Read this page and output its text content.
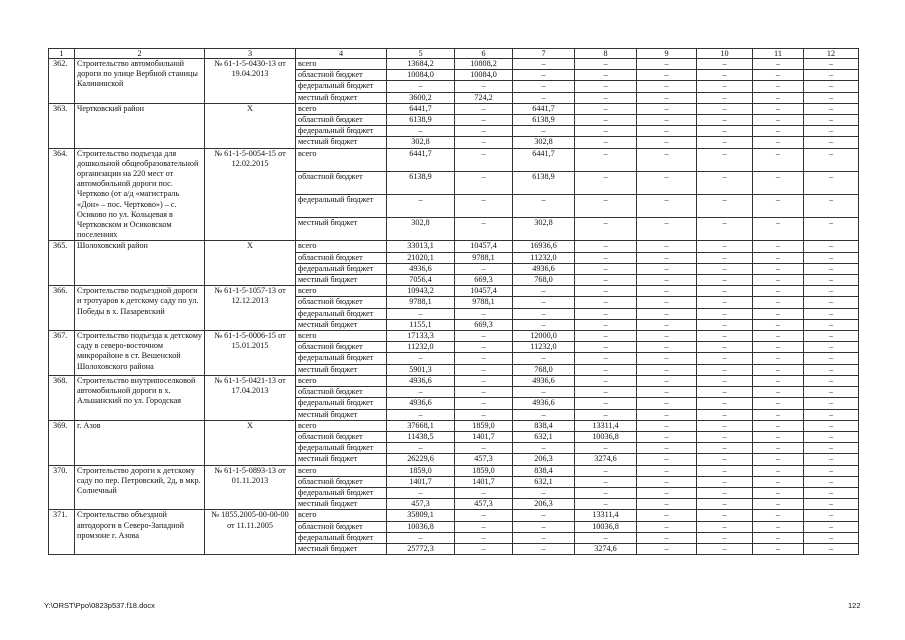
1	2	3	4	5	6	7	8	9	10	11	12
362.	Строительство автомобильной дороги по улице Вербной станицы Калининской	№ 61-1-5-0430-13 от 19.04.2013	всего	13684,2	10808,2	–	–	–	–	–	–
			областной бюджет	10084,0	10084,0	–	–	–	–	–	–
			федеральный бюджет	–	–	–	–	–	–	–	–
			местный бюджет	3600,2	724,2	–	–	–	–	–	–
363.	Чертковский район	Х	всего	6441,7	–	6441,7	–	–	–	–	–
			областной бюджет	6138,9	–	6138,9	–	–	–	–	–
			федеральный бюджет	–	–	–	–	–	–	–	–
			местный бюджет	302,8	–	302,8	–	–	–	–	–
364.	Строительство подъезда для дошкольной общеобразовательной организации на 220 мест от автомобильной дороги пос. Чертково (от а/д «магистраль «Дон» – пос. Чертково») – с. Осиково по ул. Кольцевая в Чертковском и Осиковском поселениях	№ 61-1-5-0054-15 от 12.02.2015	всего	6441,7	–	6441,7	–	–	–	–	–
			областной бюджет	6138,9	–	6138,9	–	–	–	–	–
			федеральный бюджет	–	–	–	–	–	–	–	–
			местный бюджет	302,8	–	302,8	–	–	–	–	–
365.	Шолоховский район	Х	всего	33013,1	10457,4	16936,6	–	–	–	–	–
			областной бюджет	21020,1	9788,1	11232,0	–	–	–	–	–
			федеральный бюджет	4936,6	–	4936,6	–	–	–	–	–
			местный бюджет	7056,4	669,3	768,0	–	–	–	–	–
366.	Строительство подъездной дороги и тротуаров к детскому саду по ул. Победы в х. Пазаревский	№ 61-1-5-1057-13 от 12.12.2013	всего	10943,2	10457,4	–	–	–	–	–	–
			областной бюджет	9788,1	9788,1	–	–	–	–	–	–
			федеральный бюджет	–	–	–	–	–	–	–	–
			местный бюджет	1155,1	669,3	–	–	–	–	–	–
367.	Строительство подъезда к детскому саду в северо-восточном микрорайоне в ст. Вешенской Шолоховского района	№ 61-1-5-0006-15 от 15.01.2015	всего	17133,3	–	12000,0	–	–	–	–	–
			областной бюджет	11232,0	–	11232,0	–	–	–	–	–
			федеральный бюджет	–	–	–	–	–	–	–	–
			местный бюджет	5901,3	–	768,0	–	–	–	–	–
368.	Строительство внутрипоселковой автомобильной дороги в х. Альшанский по ул. Городская	№ 61-1-5-0421-13 от 17.04.2013	всего	4936,6	–	4936,6	–	–	–	–	–
			областной бюджет	–	–	–	–	–	–	–	–
			федеральный бюджет	4936,6	–	4936,6	–	–	–	–	–
			местный бюджет	–	–	–	–	–	–	–	–
369.	г. Азов	Х	всего	37668,1	1859,0	838,4	13311,4	–	–	–	–
			областной бюджет	11438,5	1401,7	632,1	10036,8	–	–	–	–
			федеральный бюджет	–	–	–	–	–	–	–	–
			местный бюджет	26229,6	457,3	206,3	3274,6	–	–	–	–
370.	Строительство дороги к детскому саду по пер. Петровский, 2д, в мкр. Солнечный	№ 61-1-5-0893-13 от 01.11.2013	всего	1859,0	1859,0	838,4	–	–	–	–	–
			областной бюджет	1401,7	1401,7	632,1	–	–	–	–	–
			федеральный бюджет	–	–	–	–	–	–	–	–
			местный бюджет	457,3	457,3	206,3	–	–	–	–	–
371.	Строительство объездной автодороги в Северо-Западной промзоне г. Азова	№ 1855.2005-00-00-00 от 11.11.2005	всего	35809,1	–	–	13311,4	–	–	–	–
			областной бюджет	10036,8	–	–	10036,8	–	–	–	–
			федеральный бюджет	–	–	–	–	–	–	–	–
			местный бюджет	25772,3	–	–	3274,6	–	–	–	–
Y:\ORST\Ppo\0823p537.f18.docx	122
